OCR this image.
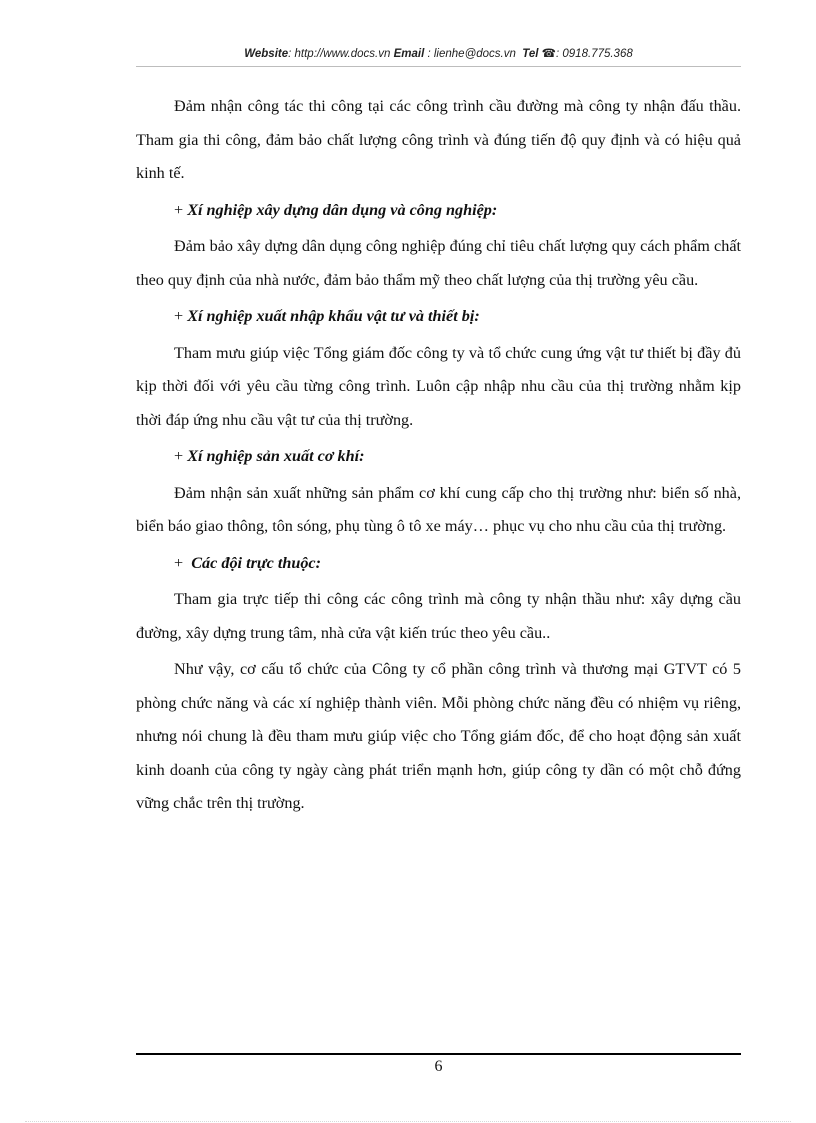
Website: http://www.docs.vn Email : lienhe@docs.vn Tel ☎: 0918.775.368

Đảm nhận công tác thi công tại các công trình cầu đường mà công ty nhận đấu thầu. Tham gia thi công, đảm bảo chất lượng công trình và đúng tiến độ quy định và có hiệu quả kinh tế.

+ Xí nghiệp xây dựng dân dụng và công nghiệp:

Đảm bảo xây dựng dân dụng công nghiệp đúng chỉ tiêu chất lượng quy cách phẩm chất theo quy định của nhà nước, đảm bảo thẩm mỹ theo chất lượng của thị trường yêu cầu.

+ Xí nghiệp xuất nhập khẩu vật tư và thiết bị:

Tham mưu giúp việc Tổng giám đốc công ty và tổ chức cung ứng vật tư thiết bị đầy đủ kịp thời đối với yêu cầu từng công trình. Luôn cập nhập nhu cầu của thị trường nhằm kịp thời đáp ứng nhu cầu vật tư của thị trường.

+ Xí nghiệp sản xuất cơ khí:

Đảm nhận sản xuất những sản phẩm cơ khí cung cấp cho thị trường như: biển số nhà, biển báo giao thông, tôn sóng, phụ tùng ô tô xe máy… phục vụ cho nhu cầu của thị trường.

+ Các đội trực thuộc:

Tham gia trực tiếp thi công các công trình mà công ty nhận thầu như: xây dựng cầu đường, xây dựng trung tâm, nhà cửa vật kiến trúc theo yêu cầu..

Như vậy, cơ cấu tổ chức của Công ty cổ phần công trình và thương mại GTVT có 5 phòng chức năng và các xí nghiệp thành viên. Mỗi phòng chức năng đều có nhiệm vụ riêng, nhưng nói chung là đều tham mưu giúp việc cho Tổng giám đốc, để cho hoạt động sản xuất kinh doanh của công ty ngày càng phát triển mạnh hơn, giúp công ty dần có một chỗ đứng vững chắc trên thị trường.

6
